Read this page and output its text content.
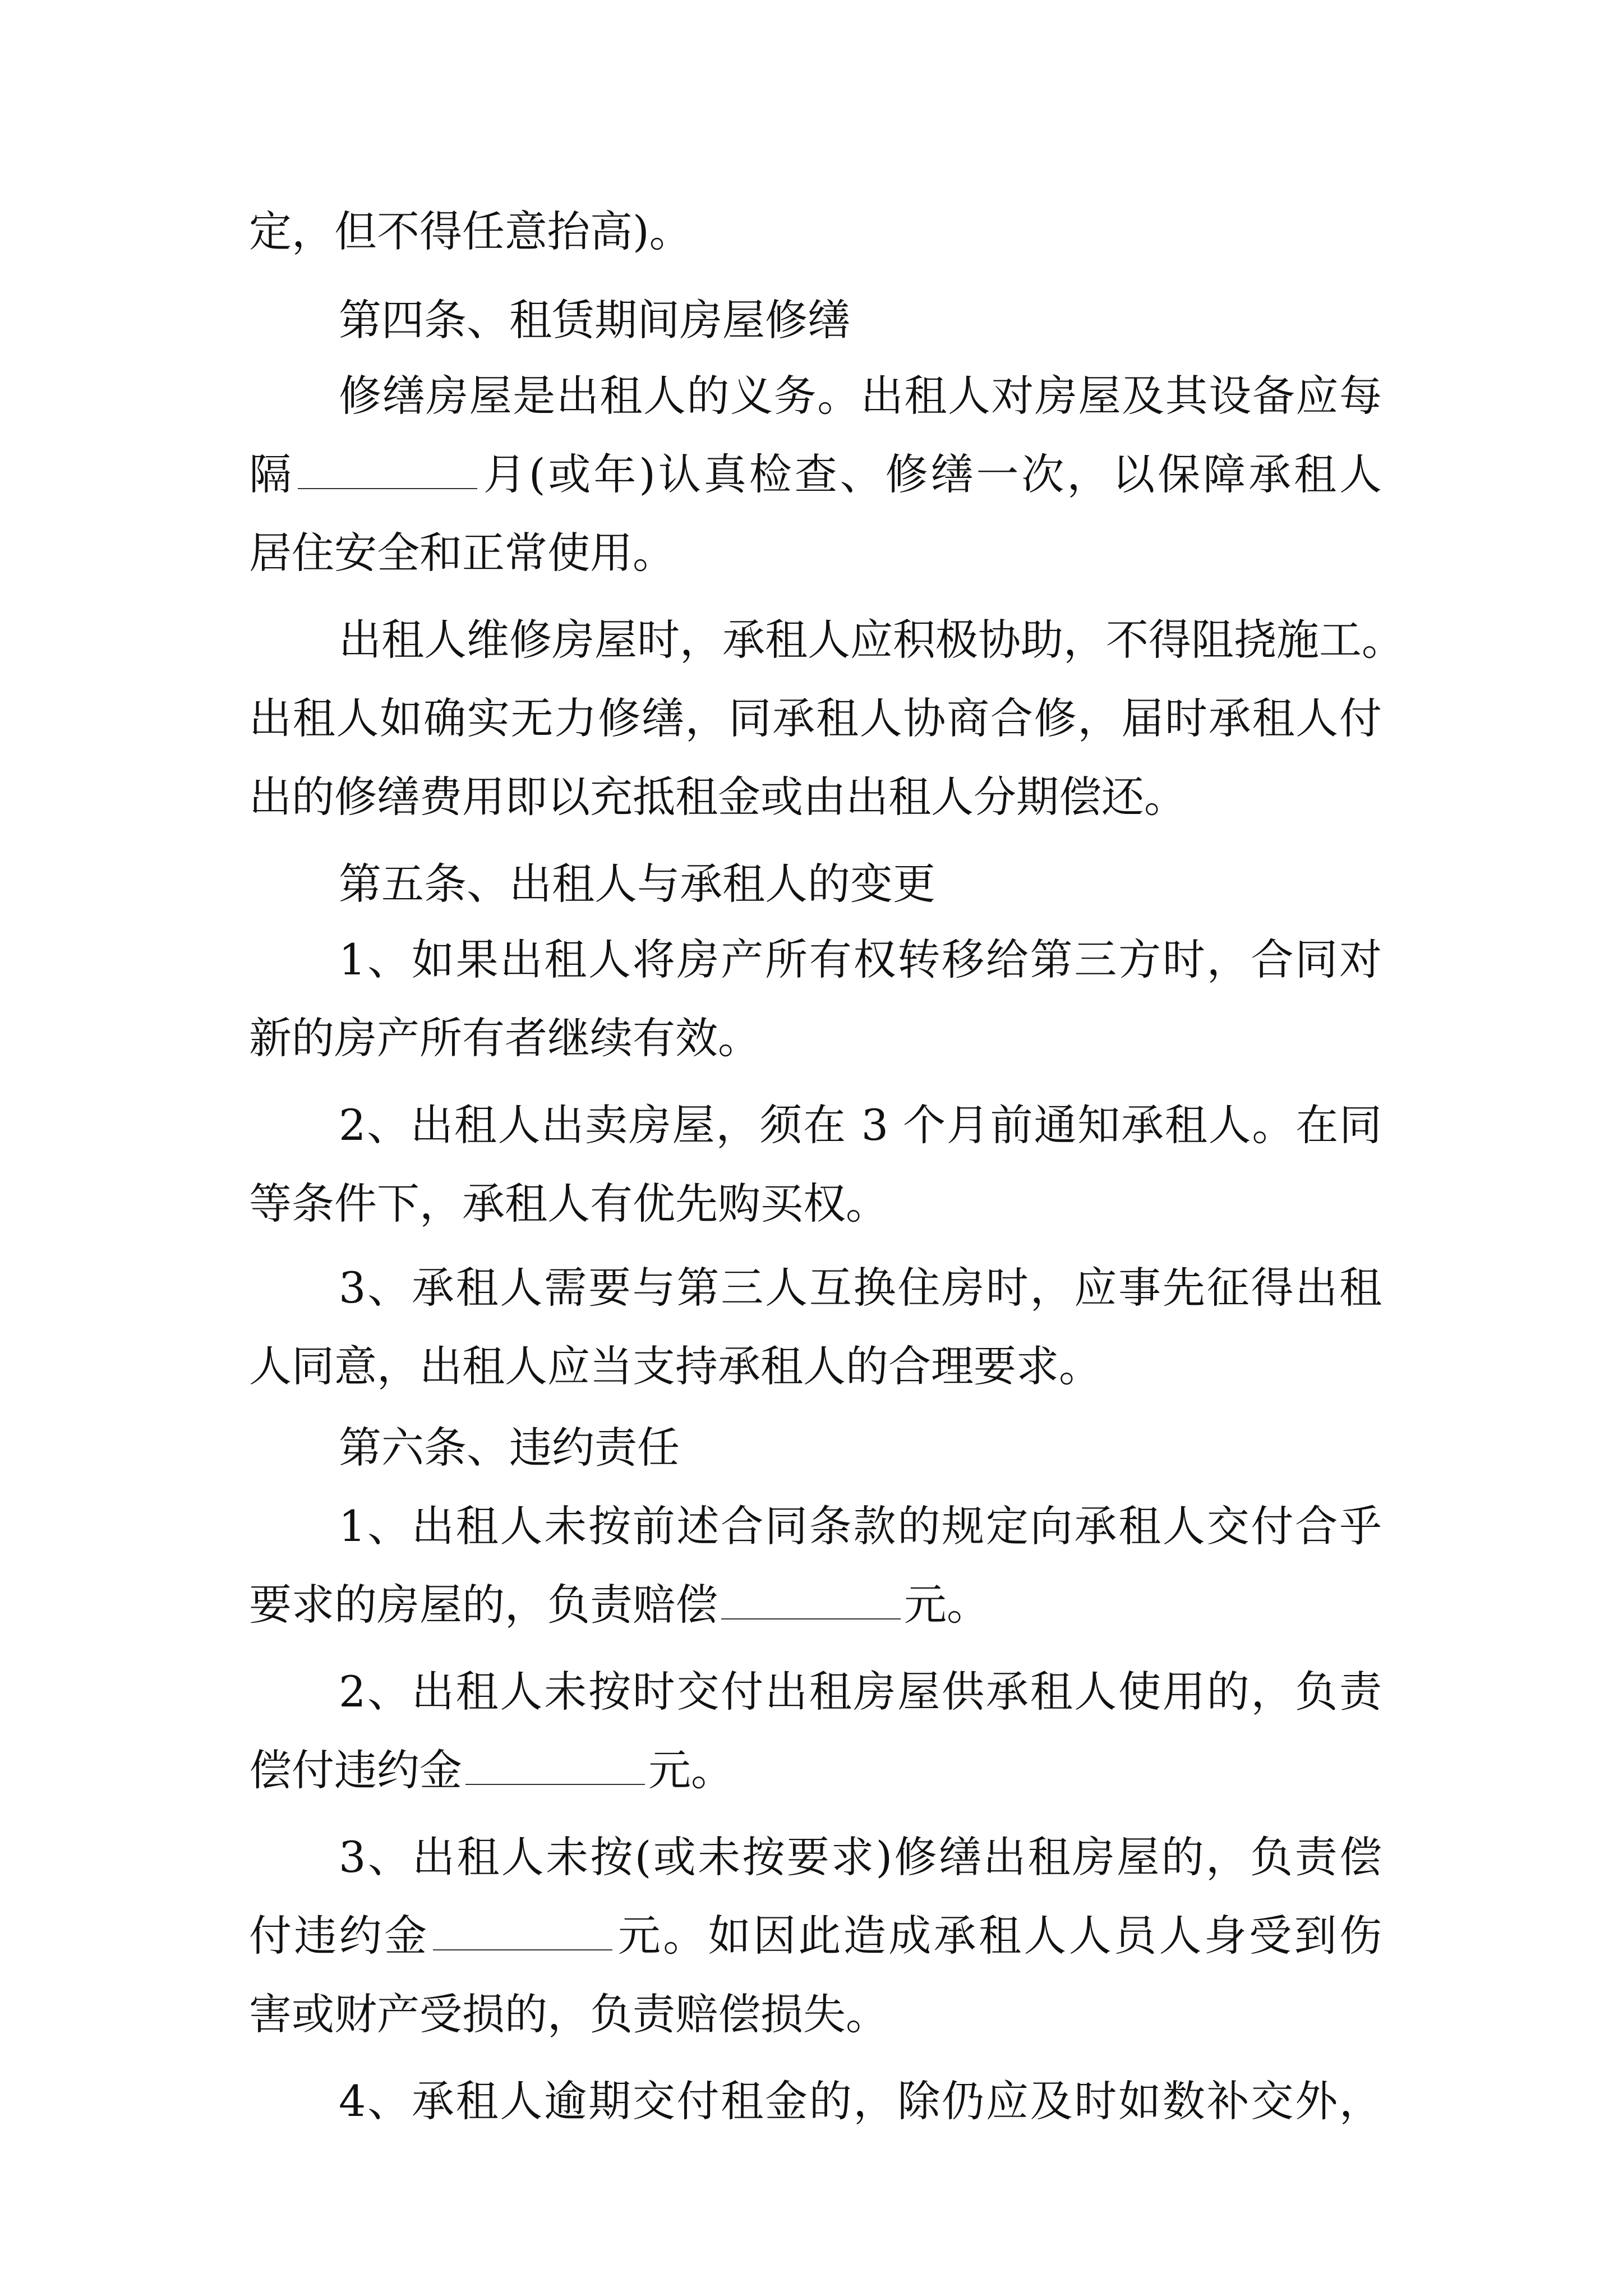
定，但不得任意抬高)。
第四条、租赁期间房屋修缮
修缮房屋是出租人的义务。出租人对房屋及其设备应每
隔	月(或年)认真检查、修缮一次，以保障承租人
居住安全和正常使用。
出租人维修房屋时，承租人应积极协助，不得阻挠施工。
出租人如确实无力修缮，同承租人协商合修，届时承租人付
出的修缮费用即以充抵租金或由出租人分期偿还。
第五条、出租人与承租人的变更
1、如果出租人将房产所有权转移给第三方时，合同对
新的房产所有者继续有效。
2、出租人出卖房屋，须在 3 个月前通知承租人。在同
等条件下，承租人有优先购买权。
3、承租人需要与第三人互换住房时，应事先征得出租
人同意，出租人应当支持承租人的合理要求。
第六条、违约责任
1、出租人未按前述合同条款的规定向承租人交付合乎
要求的房屋的，负责赔偿	元。
2、出租人未按时交付出租房屋供承租人使用的，负责
偿付违约金	元。
3、出租人未按(或未按要求)修缮出租房屋的，负责偿
付违约金	元。如因此造成承租人人员人身受到伤
害或财产受损的，负责赔偿损失。
4、承租人逾期交付租金的，除仍应及时如数补交外，
